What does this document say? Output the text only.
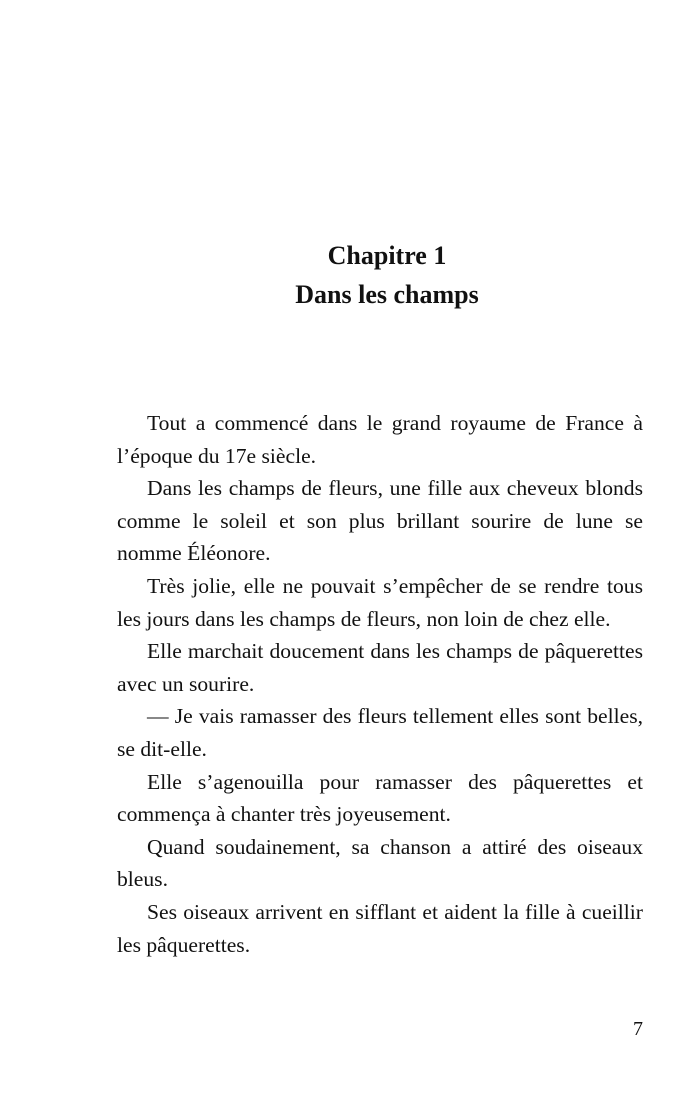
Chapitre 1
Dans les champs

Tout a commencé dans le grand royaume de France à l’époque du 17e siècle.

Dans les champs de fleurs, une fille aux cheveux blonds comme le soleil et son plus brillant sourire de lune se nomme Éléonore.

Très jolie, elle ne pouvait s’empêcher de se rendre tous les jours dans les champs de fleurs, non loin de chez elle.

Elle marchait doucement dans les champs de pâquerettes avec un sourire.

— Je vais ramasser des fleurs tellement elles sont belles, se dit-elle.

Elle s’agenouilla pour ramasser des pâquerettes et commença à chanter très joyeusement.

Quand soudainement, sa chanson a attiré des oiseaux bleus.

Ses oiseaux arrivent en sifflant et aident la fille à cueillir les pâquerettes.

7
